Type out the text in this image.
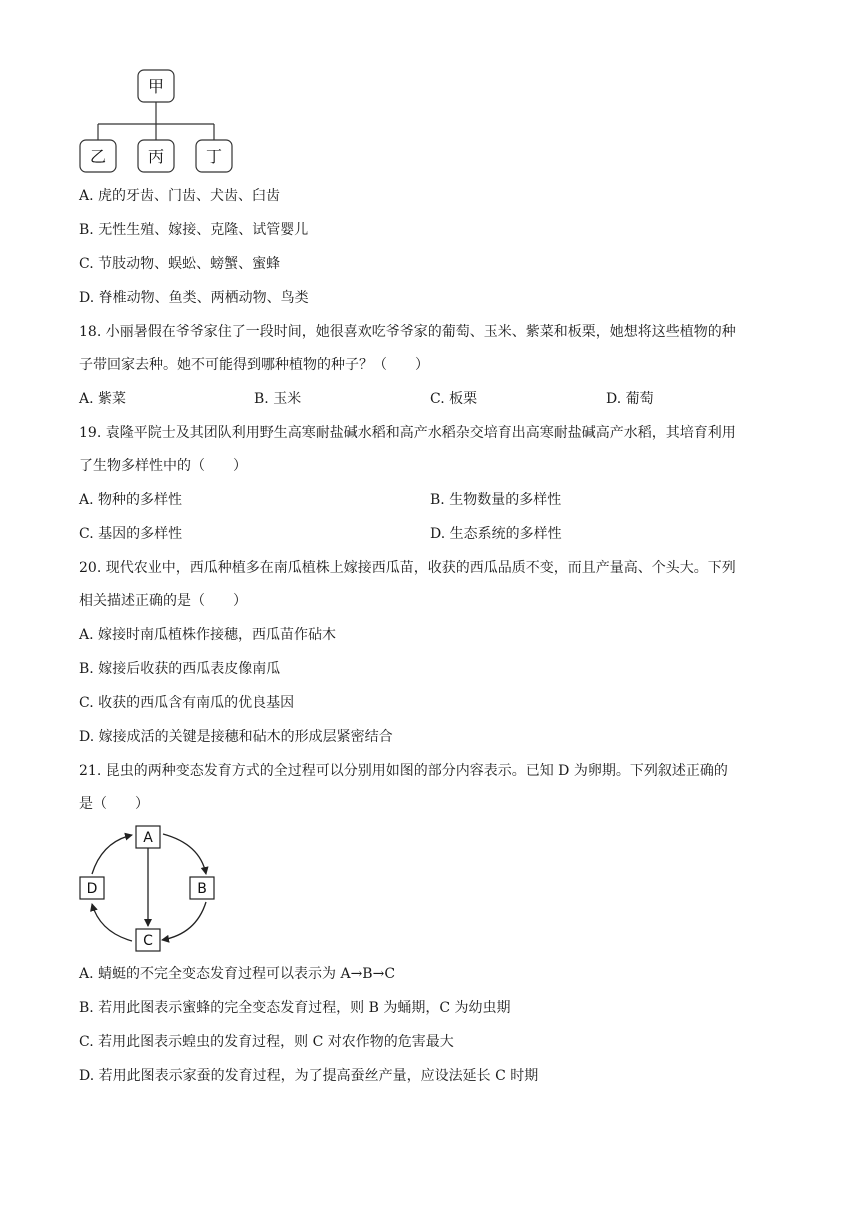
甲
乙	丙	丁
A. 虎的牙齿、门齿、犬齿、臼齿
B. 无性生殖、嫁接、克隆、试管婴儿
C. 节肢动物、蜈蚣、螃蟹、蜜蜂
D. 脊椎动物、鱼类、两栖动物、鸟类
18. 小丽暑假在爷爷家住了一段时间，她很喜欢吃爷爷家的葡萄、玉米、紫菜和板栗，她想将这些植物的种
子带回家去种。她不可能得到哪种植物的种子？（　　）
A. 紫菜	B. 玉米	C. 板栗	D. 葡萄
19. 袁隆平院士及其团队利用野生高寒耐盐碱水稻和高产水稻杂交培育出高寒耐盐碱高产水稻，其培育利用
了生物多样性中的（　　）
A. 物种的多样性	B. 生物数量的多样性
C. 基因的多样性	D. 生态系统的多样性
20. 现代农业中，西瓜种植多在南瓜植株上嫁接西瓜苗，收获的西瓜品质不变，而且产量高、个头大。下列
相关描述正确的是（　　）
A. 嫁接时南瓜植株作接穗，西瓜苗作砧木
B. 嫁接后收获的西瓜表皮像南瓜
C. 收获的西瓜含有南瓜的优良基因
D. 嫁接成活的关键是接穗和砧木的形成层紧密结合
21. 昆虫的两种变态发育方式的全过程可以分别用如图的部分内容表示。已知 D 为卵期。下列叙述正确的
是（　　）
A
B
C
D
A. 蜻蜓的不完全变态发育过程可以表示为 A→B→C
B. 若用此图表示蜜蜂的完全变态发育过程，则 B 为蛹期，C 为幼虫期
C. 若用此图表示蝗虫的发育过程，则 C 对农作物的危害最大
D. 若用此图表示家蚕的发育过程，为了提高蚕丝产量，应设法延长 C 时期
